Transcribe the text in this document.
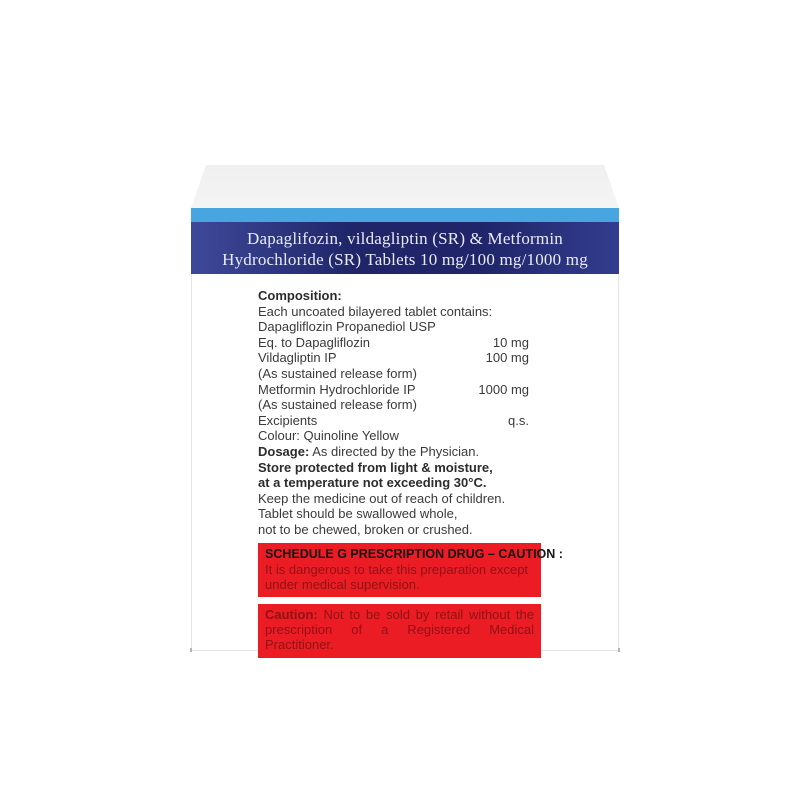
Dapaglifozin, vildagliptin (SR) & Metformin
Hydrochloride (SR) Tablets 10 mg/100 mg/1000 mg
Composition:
Each uncoated bilayered tablet contains:
Dapagliflozin Propanediol USP
Eq. to Dapagliflozin	10 mg
Vildagliptin IP	100 mg
(As sustained release form)
Metformin Hydrochloride IP	1000 mg
(As sustained release form)
Excipients	q.s.
Colour: Quinoline Yellow
Dosage: As directed by the Physician.
Store protected from light & moisture,
at a temperature not exceeding 30°C.
Keep the medicine out of reach of children.
Tablet should be swallowed whole,
not to be chewed, broken or crushed.
SCHEDULE G PRESCRIPTION DRUG – CAUTION :
It is dangerous to take this preparation except
under medical supervision.
Caution: Not to be sold by retail without the prescription of a Registered Medical Practitioner.
